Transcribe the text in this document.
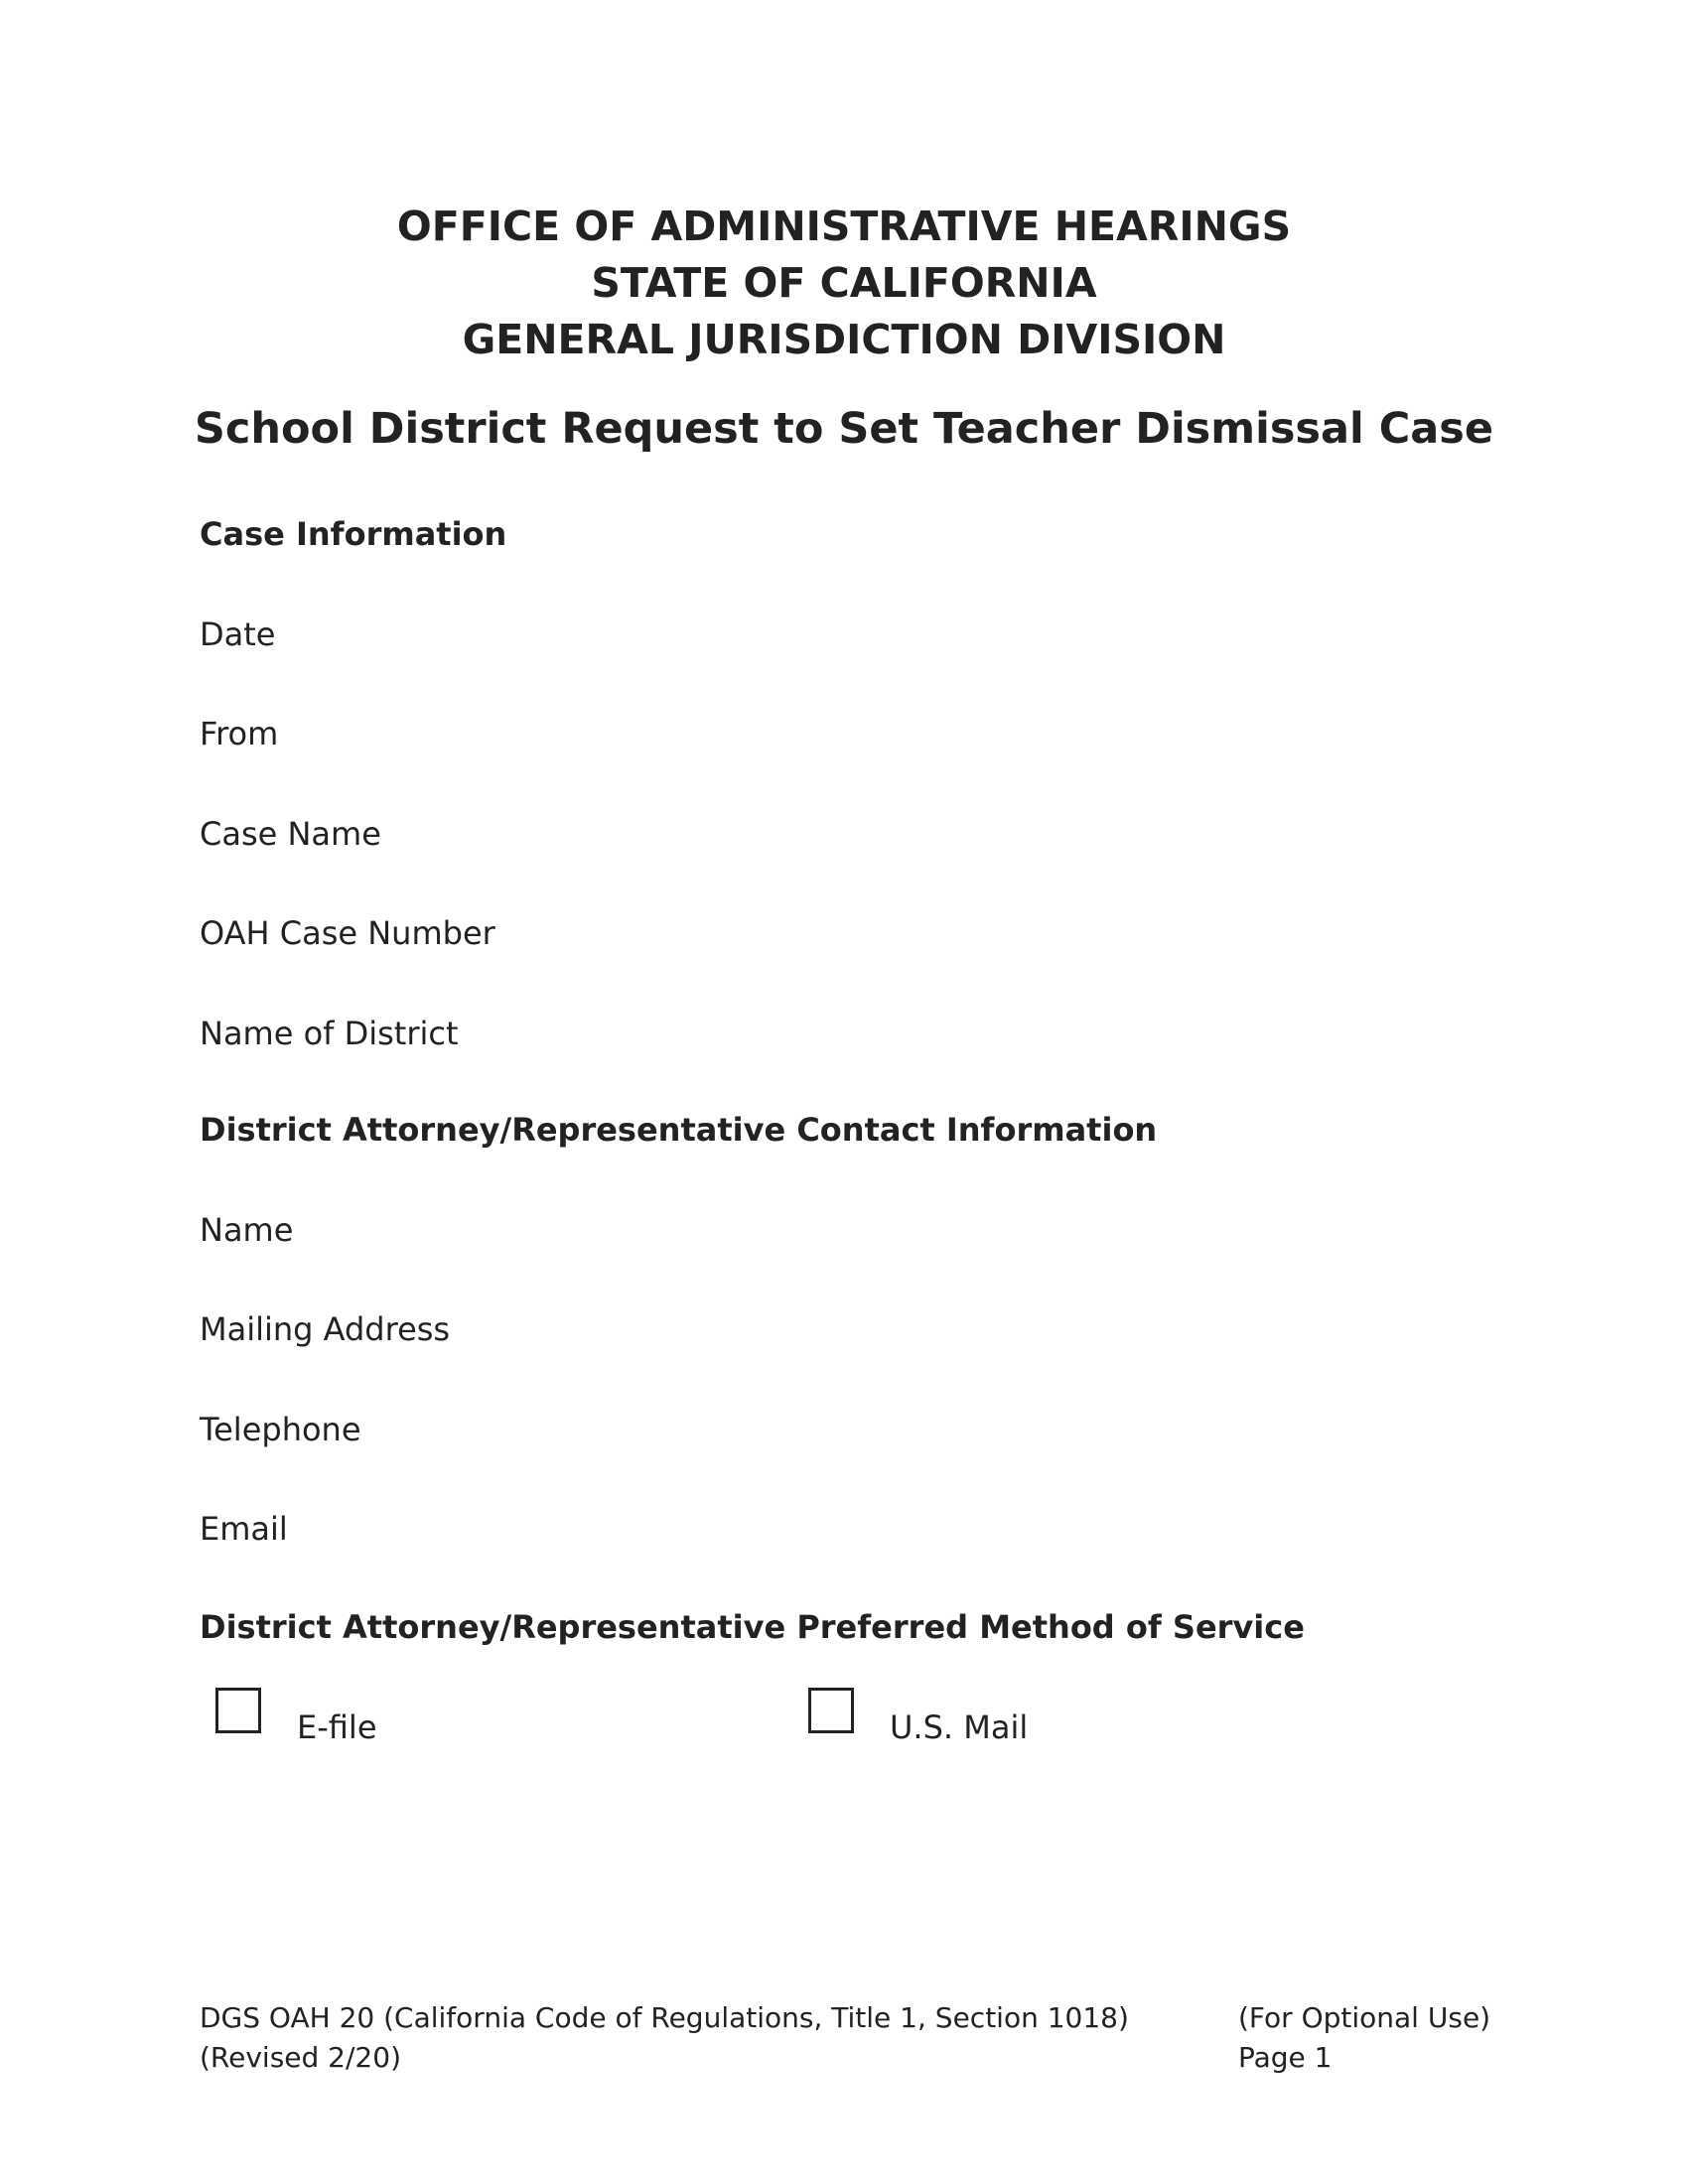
OFFICE OF ADMINISTRATIVE HEARINGS
STATE OF CALIFORNIA
GENERAL JURISDICTION DIVISION
School District Request to Set Teacher Dismissal Case
Case Information
Date
From
Case Name
OAH Case Number
Name of District
District Attorney/Representative Contact Information
Name
Mailing Address
Telephone
Email
District Attorney/Representative Preferred Method of Service
E-file	U.S. Mail
DGS OAH 20 (California Code of Regulations, Title 1, Section 1018)
(Revised 2/20)
(For Optional Use)
Page 1
